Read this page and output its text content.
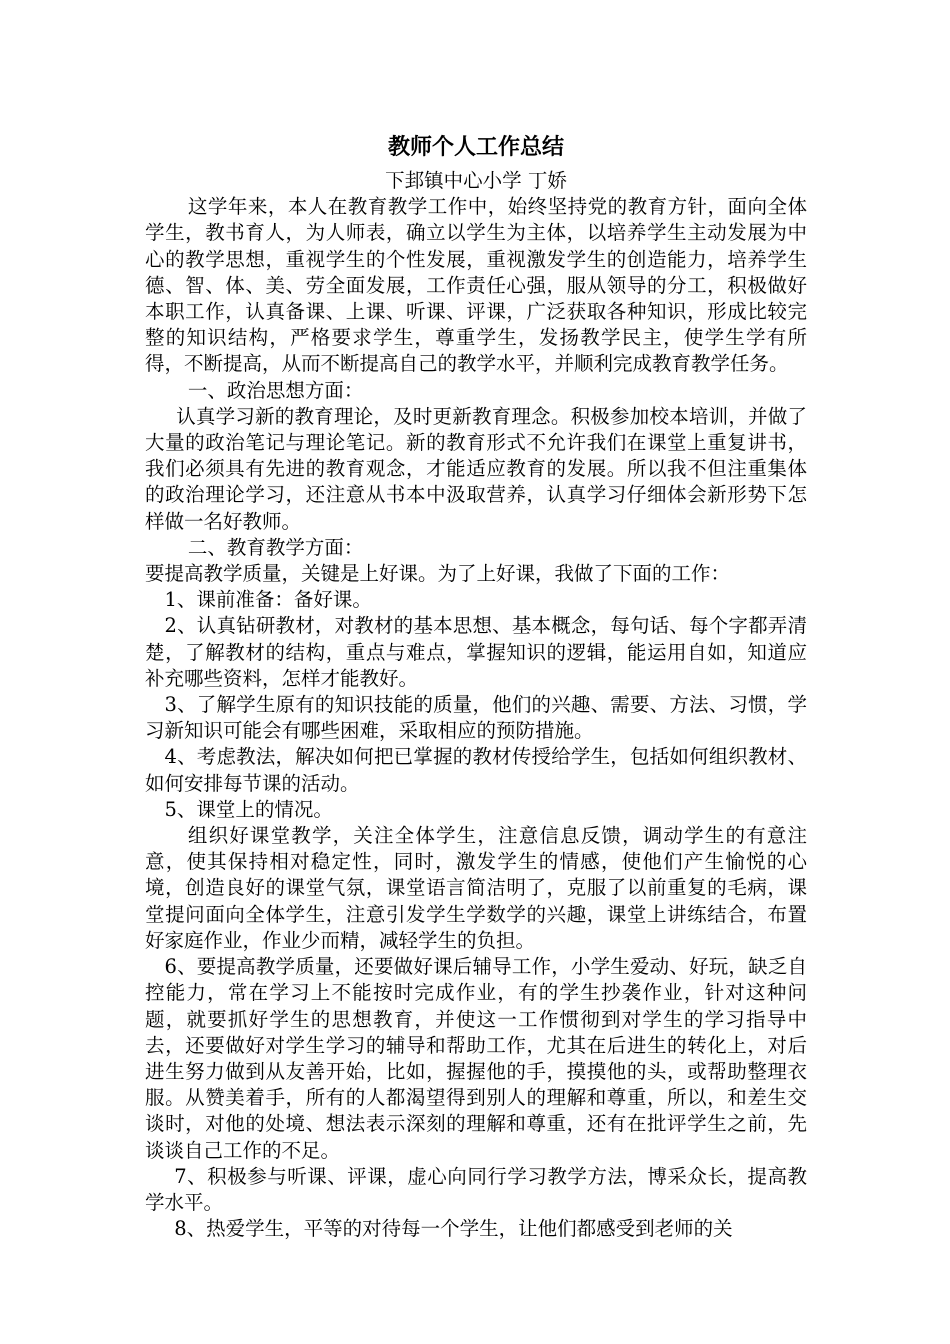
教师个人工作总结

下邽镇中心小学 丁娇

这学年来，本人在教育教学工作中，始终坚持党的教育方针，面向全体学生，教书育人，为人师表，确立以学生为主体，以培养学生主动发展为中心的教学思想，重视学生的个性发展，重视激发学生的创造能力，培养学生德、智、体、美、劳全面发展，工作责任心强，服从领导的分工，积极做好本职工作，认真备课、上课、听课、评课，广泛获取各种知识，形成比较完整的知识结构，严格要求学生，尊重学生，发扬教学民主，使学生学有所得，不断提高，从而不断提高自己的教学水平，并顺利完成教育教学任务。

一、政治思想方面：

认真学习新的教育理论，及时更新教育理念。积极参加校本培训，并做了大量的政治笔记与理论笔记。新的教育形式不允许我们在课堂上重复讲书，我们必须具有先进的教育观念，才能适应教育的发展。所以我不但注重集体的政治理论学习，还注意从书本中汲取营养，认真学习仔细体会新形势下怎样做一名好教师。

二、教育教学方面：

要提高教学质量，关键是上好课。为了上好课，我做了下面的工作：

1、课前准备：备好课。

2、认真钻研教材，对教材的基本思想、基本概念，每句话、每个字都弄清楚，了解教材的结构，重点与难点，掌握知识的逻辑，能运用自如，知道应补充哪些资料，怎样才能教好。

3、了解学生原有的知识技能的质量，他们的兴趣、需要、方法、习惯，学习新知识可能会有哪些困难，采取相应的预防措施。

4、考虑教法，解决如何把已掌握的教材传授给学生，包括如何组织教材、如何安排每节课的活动。

5、课堂上的情况。

组织好课堂教学，关注全体学生，注意信息反馈，调动学生的有意注意，使其保持相对稳定性，同时，激发学生的情感，使他们产生愉悦的心境，创造良好的课堂气氛，课堂语言简洁明了，克服了以前重复的毛病，课堂提问面向全体学生，注意引发学生学数学的兴趣，课堂上讲练结合，布置好家庭作业，作业少而精，减轻学生的负担。

6、要提高教学质量，还要做好课后辅导工作，小学生爱动、好玩，缺乏自控能力，常在学习上不能按时完成作业，有的学生抄袭作业，针对这种问题，就要抓好学生的思想教育，并使这一工作惯彻到对学生的学习指导中去，还要做好对学生学习的辅导和帮助工作，尤其在后进生的转化上，对后进生努力做到从友善开始，比如，握握他的手，摸摸他的头，或帮助整理衣服。从赞美着手，所有的人都渴望得到别人的理解和尊重，所以，和差生交谈时，对他的处境、想法表示深刻的理解和尊重，还有在批评学生之前，先谈谈自己工作的不足。

7、积极参与听课、评课，虚心向同行学习教学方法，博采众长，提高教学水平。

8、热爱学生，平等的对待每一个学生，让他们都感受到老师的关
